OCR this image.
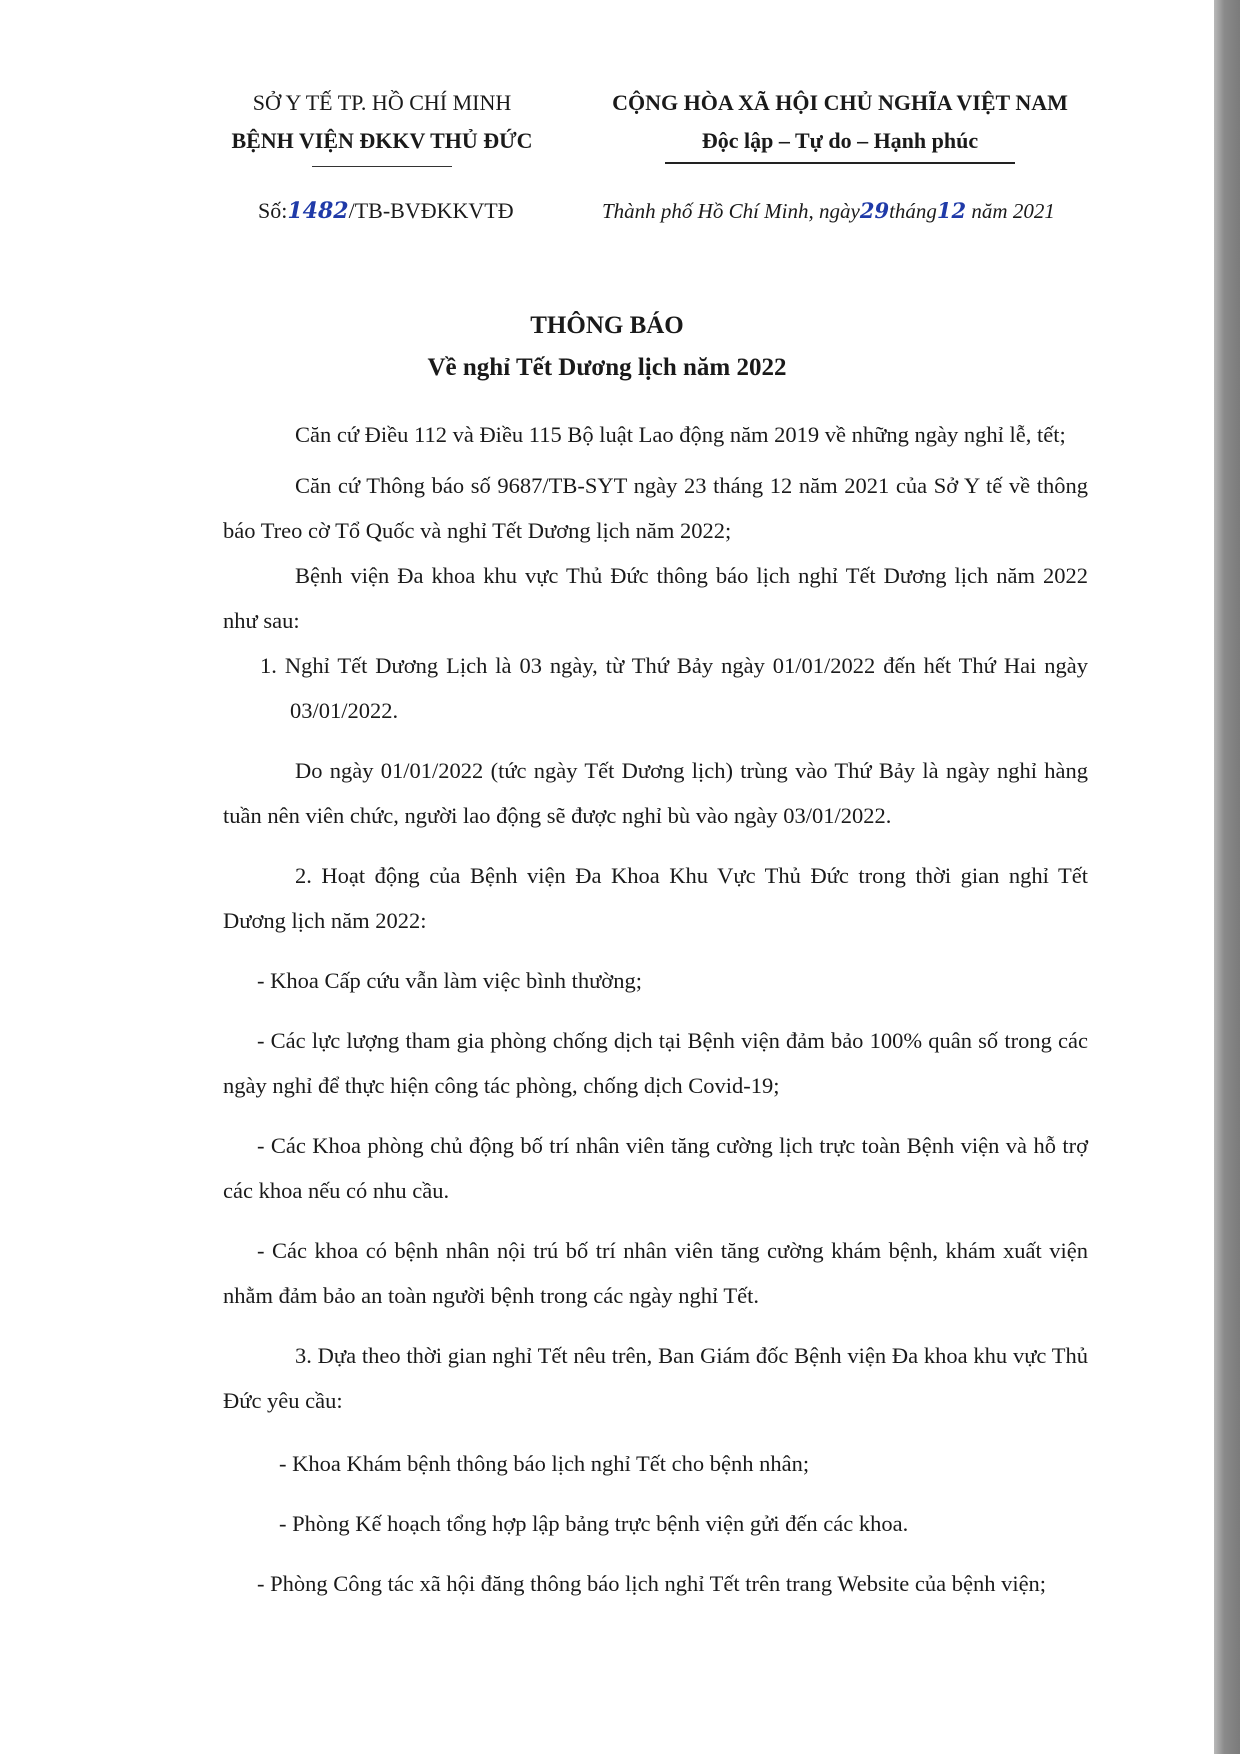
SỞ Y TẾ TP. HỒ CHÍ MINH
BỆNH VIỆN ĐKKV THỦ ĐỨC
CỘNG HÒA XÃ HỘI CHỦ NGHĨA VIỆT NAM
Độc lập – Tự do – Hạnh phúc
Số:1482/TB-BVĐKKVTĐ	Thành phố Hồ Chí Minh, ngày29tháng12 năm 2021
THÔNG BÁO
Về nghỉ Tết Dương lịch năm 2022

Căn cứ Điều 112 và Điều 115 Bộ luật Lao động năm 2019 về những ngày nghỉ lễ, tết;

Căn cứ Thông báo số 9687/TB-SYT ngày 23 tháng 12 năm 2021 của Sở Y tế về thông báo Treo cờ Tổ Quốc và nghỉ Tết Dương lịch năm 2022;

Bệnh viện Đa khoa khu vực Thủ Đức thông báo lịch nghỉ Tết Dương lịch năm 2022 như sau:

1. Nghỉ Tết Dương Lịch là 03 ngày, từ Thứ Bảy ngày 01/01/2022 đến hết Thứ Hai ngày 03/01/2022.

Do ngày 01/01/2022 (tức ngày Tết Dương lịch) trùng vào Thứ Bảy là ngày nghỉ hàng tuần nên viên chức, người lao động sẽ được nghỉ bù vào ngày 03/01/2022.

2. Hoạt động của Bệnh viện Đa Khoa Khu Vực Thủ Đức trong thời gian nghỉ Tết Dương lịch năm 2022:

- Khoa Cấp cứu vẫn làm việc bình thường;

- Các lực lượng tham gia phòng chống dịch tại Bệnh viện đảm bảo 100% quân số trong các ngày nghỉ để thực hiện công tác phòng, chống dịch Covid-19;

- Các Khoa phòng chủ động bố trí nhân viên tăng cường lịch trực toàn Bệnh viện và hỗ trợ các khoa nếu có nhu cầu.

- Các khoa có bệnh nhân nội trú bố trí nhân viên tăng cường khám bệnh, khám xuất viện nhằm đảm bảo an toàn người bệnh trong các ngày nghỉ Tết.

3. Dựa theo thời gian nghỉ Tết nêu trên, Ban Giám đốc Bệnh viện Đa khoa khu vực Thủ Đức yêu cầu:

- Khoa Khám bệnh thông báo lịch nghỉ Tết cho bệnh nhân;

- Phòng Kế hoạch tổng hợp lập bảng trực bệnh viện gửi đến các khoa.

- Phòng Công tác xã hội đăng thông báo lịch nghỉ Tết trên trang Website của bệnh viện;
